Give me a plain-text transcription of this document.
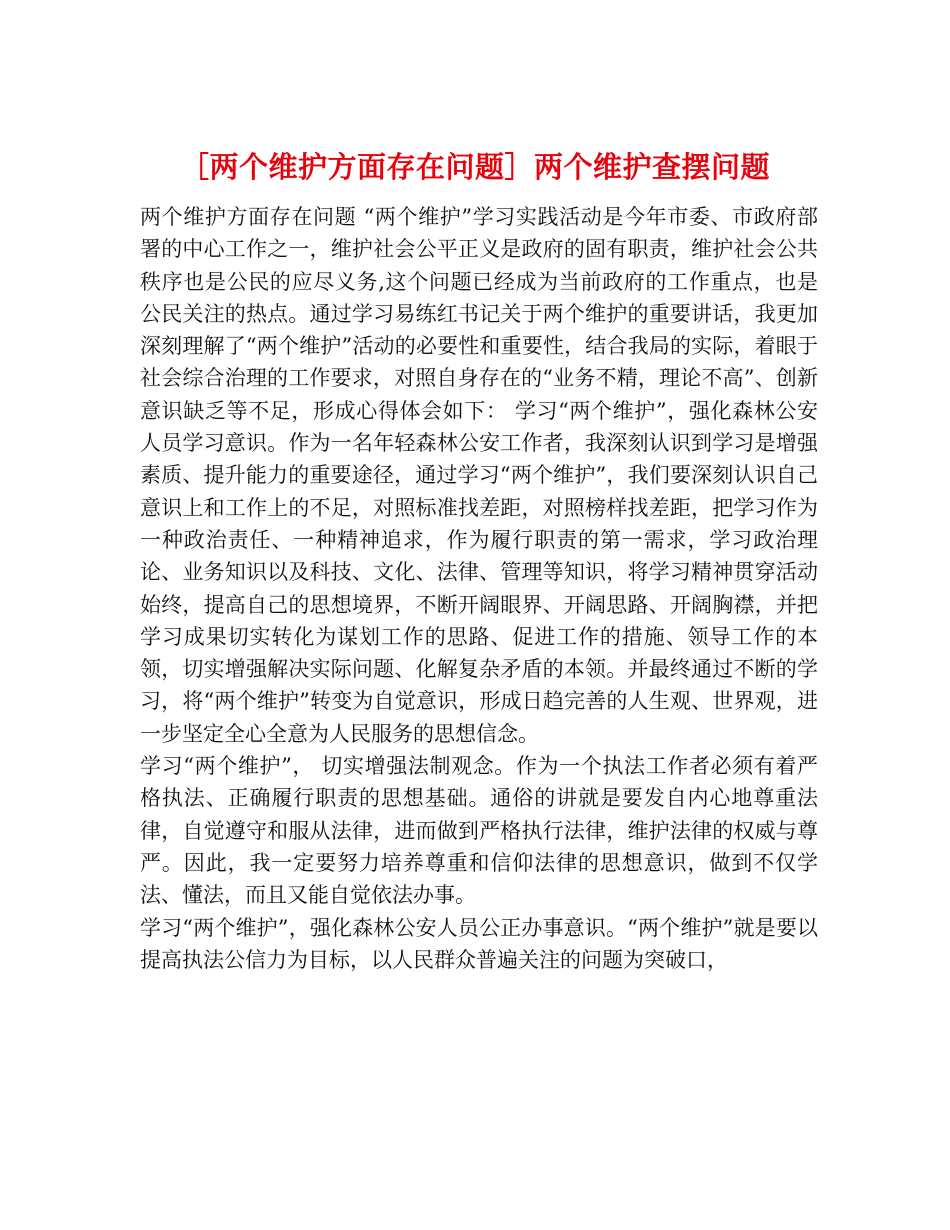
［两个维护方面存在问题］两个维护查摆问题

两个维护方面存在问题 “两个维护”学习实践活动是今年市委、市政府部署的中心工作之一，维护社会公平正义是政府的固有职责，维护社会公共秩序也是公民的应尽义务,这个问题已经成为当前政府的工作重点，也是公民关注的热点。通过学习易练红书记关于两个维护的重要讲话，我更加深刻理解了“两个维护”活动的必要性和重要性，结合我局的实际，着眼于社会综合治理的工作要求，对照自身存在的“业务不精，理论不高”、创新意识缺乏等不足，形成心得体会如下： 学习“两个维护”，强化森林公安人员学习意识。作为一名年轻森林公安工作者，我深刻认识到学习是增强素质、提升能力的重要途径，通过学习“两个维护”，我们要深刻认识自己意识上和工作上的不足，对照标准找差距，对照榜样找差距，把学习作为一种政治责任、一种精神追求，作为履行职责的第一需求，学习政治理论、业务知识以及科技、文化、法律、管理等知识，将学习精神贯穿活动始终，提高自己的思想境界，不断开阔眼界、开阔思路、开阔胸襟，并把学习成果切实转化为谋划工作的思路、促进工作的措施、领导工作的本领，切实增强解决实际问题、化解复杂矛盾的本领。并最终通过不断的学习，将“两个维护”转变为自觉意识，形成日趋完善的人生观、世界观，进一步坚定全心全意为人民服务的思想信念。

学习“两个维护”， 切实增强法制观念。作为一个执法工作者必须有着严格执法、正确履行职责的思想基础。通俗的讲就是要发自内心地尊重法律，自觉遵守和服从法律，进而做到严格执行法律，维护法律的权威与尊严。因此，我一定要努力培养尊重和信仰法律的思想意识，做到不仅学法、懂法，而且又能自觉依法办事。

学习“两个维护”，强化森林公安人员公正办事意识。“两个维护”就是要以提高执法公信力为目标，以人民群众普遍关注的问题为突破口，
